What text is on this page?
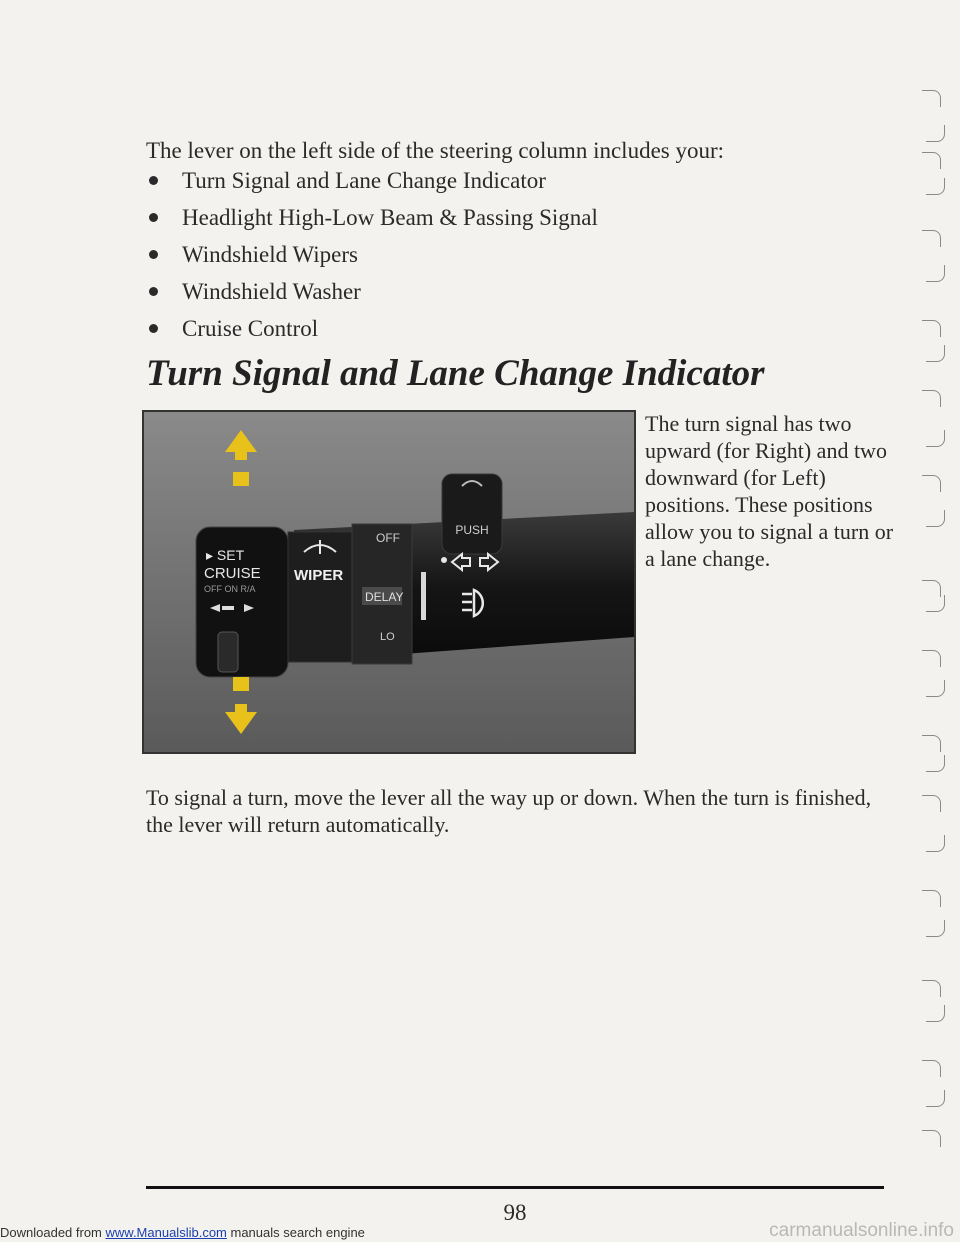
The lever on the left side of the steering column includes your:

Turn Signal and Lane Change Indicator
Headlight High-Low Beam & Passing Signal
Windshield Wipers
Windshield Washer
Cruise Control
Turn Signal and Lane Change Indicator
PUSH
▸ SET
CRUISE
OFF ON R/A
WIPER
OFF
DELAY
LO

The turn signal has two upward (for Right) and two downward (for Left) positions. These positions allow you to signal a turn or a lane change.

To signal a turn, move the lever all the way up or down. When the turn is finished, the lever will return automatically.

98
Downloaded from www.Manualslib.com manuals search engine	carmanualsonline.info
